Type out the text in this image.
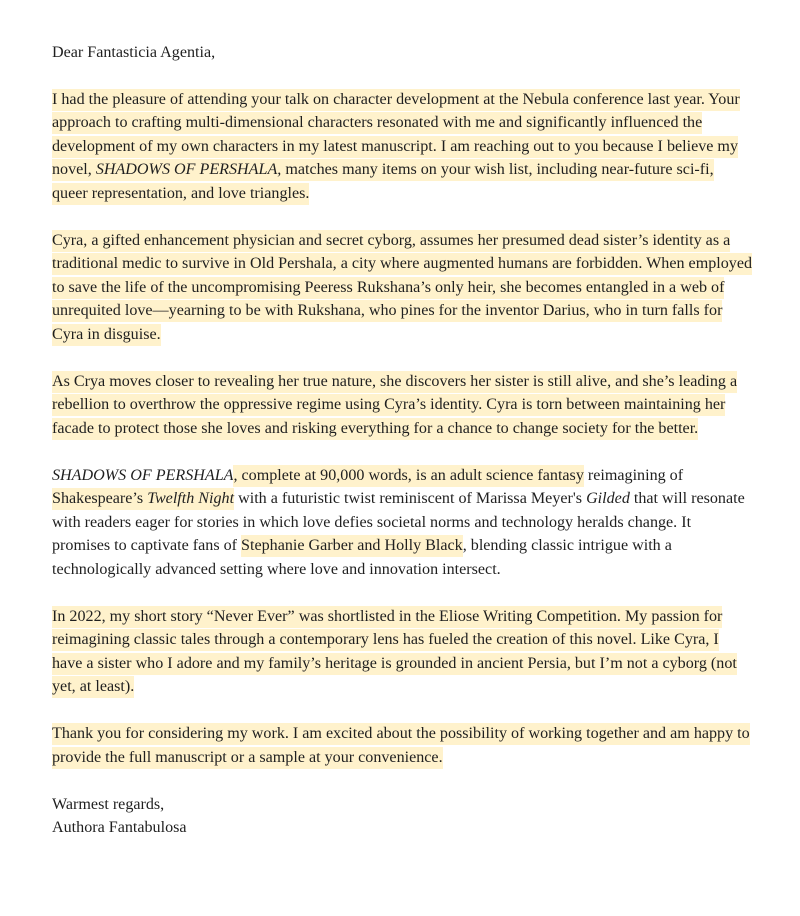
Dear Fantasticia Agentia,

I had the pleasure of attending your talk on character development at the Nebula conference last year. Your approach to crafting multi-dimensional characters resonated with me and significantly influenced the development of my own characters in my latest manuscript. I am reaching out to you because I believe my novel, SHADOWS OF PERSHALA, matches many items on your wish list, including near-future sci-fi, queer representation, and love triangles.

Cyra, a gifted enhancement physician and secret cyborg, assumes her presumed dead sister’s identity as a traditional medic to survive in Old Pershala, a city where augmented humans are forbidden. When employed to save the life of the uncompromising Peeress Rukshana’s only heir, she becomes entangled in a web of unrequited love—yearning to be with Rukshana, who pines for the inventor Darius, who in turn falls for Cyra in disguise.

As Crya moves closer to revealing her true nature, she discovers her sister is still alive, and she’s leading a rebellion to overthrow the oppressive regime using Cyra’s identity. Cyra is torn between maintaining her facade to protect those she loves and risking everything for a chance to change society for the better.

SHADOWS OF PERSHALA, complete at 90,000 words, is an adult science fantasy reimagining of Shakespeare’s Twelfth Night with a futuristic twist reminiscent of Marissa Meyer's Gilded that will resonate with readers eager for stories in which love defies societal norms and technology heralds change. It promises to captivate fans of Stephanie Garber and Holly Black, blending classic intrigue with a technologically advanced setting where love and innovation intersect.

In 2022, my short story “Never Ever” was shortlisted in the Eliose Writing Competition. My passion for reimagining classic tales through a contemporary lens has fueled the creation of this novel. Like Cyra, I have a sister who I adore and my family’s heritage is grounded in ancient Persia, but I’m not a cyborg (not yet, at least).

Thank you for considering my work. I am excited about the possibility of working together and am happy to provide the full manuscript or a sample at your convenience.

Warmest regards,

Authora Fantabulosa
